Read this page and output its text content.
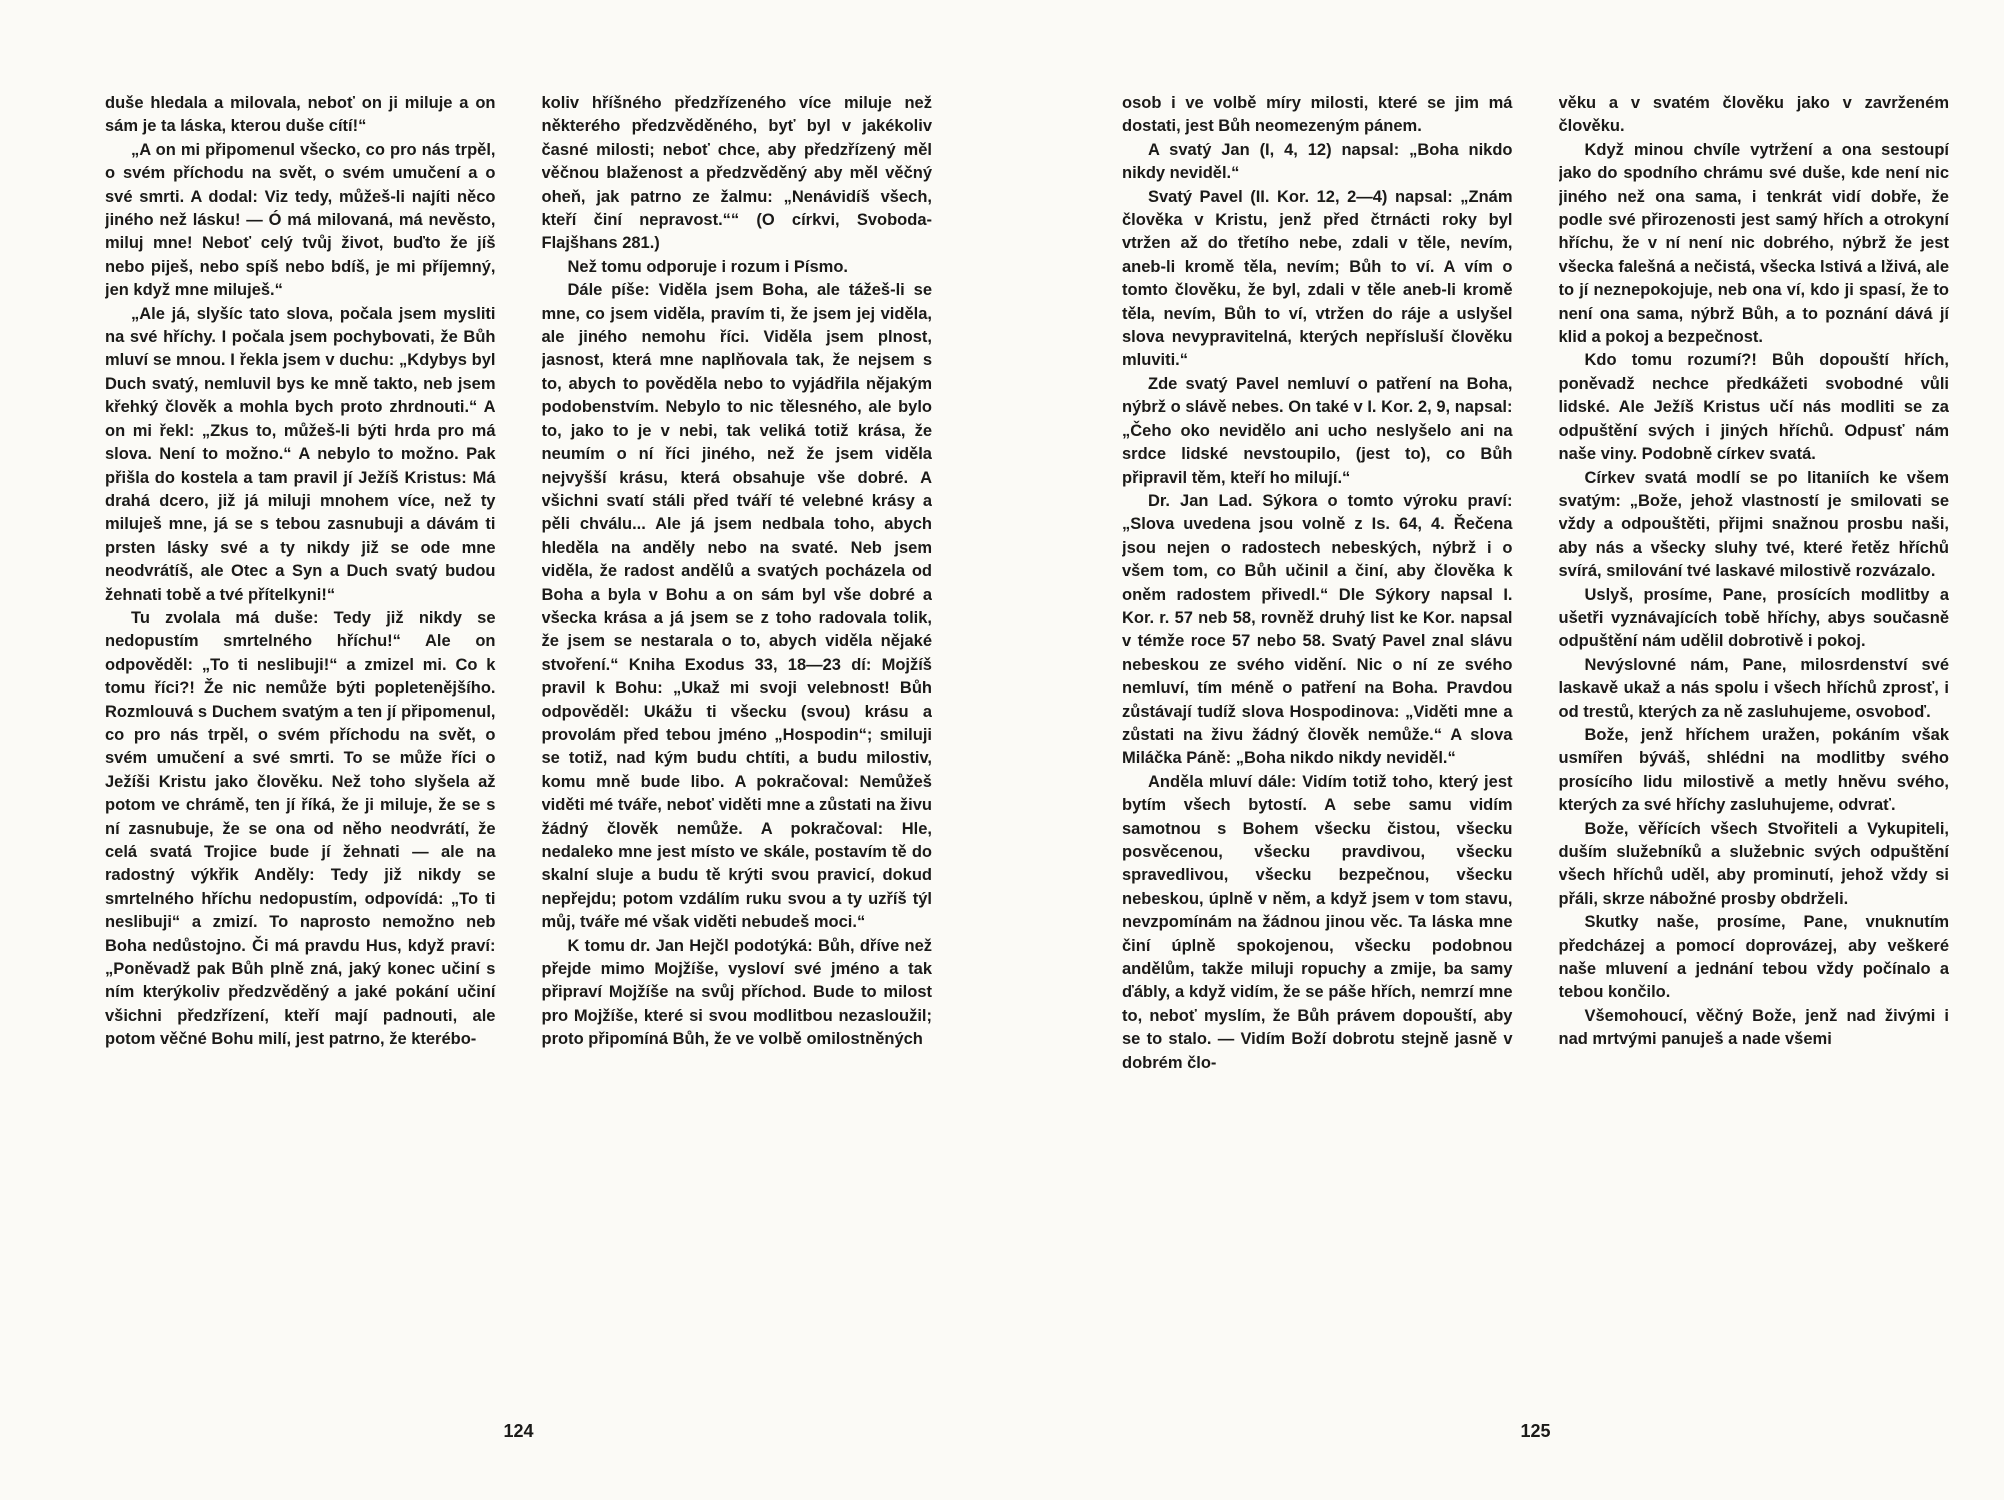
duše hledala a milovala, neboť on ji miluje a on sám je ta láska, kterou duše cítí!“

„A on mi připomenul všecko, co pro nás trpěl, o svém příchodu na svět, o svém umučení a o své smrti. A dodal: Viz tedy, můžeš-li najíti něco jiného než lásku! — Ó má milovaná, má nevěsto, miluj mne! Neboť celý tvůj život, buďto že jíš nebo piješ, nebo spíš nebo bdíš, je mi příjemný, jen když mne miluješ.“

„Ale já, slyšíc tato slova, počala jsem mysliti na své hříchy. I počala jsem pochybovati, že Bůh mluví se mnou. I řekla jsem v duchu: „Kdybys byl Duch svatý, nemluvil bys ke mně takto, neb jsem křehký člověk a mohla bych proto zhrdnouti.“ A on mi řekl: „Zkus to, můžeš-li býti hrda pro má slova. Není to možno.“ A nebylo to možno. Pak přišla do kostela a tam pravil jí Ježíš Kristus: Má drahá dcero, již já miluji mnohem více, než ty miluješ mne, já se s tebou zasnubuji a dávám ti prsten lásky své a ty nikdy již se ode mne neodvrátíš, ale Otec a Syn a Duch svatý budou žehnati tobě a tvé přítelkyni!“

Tu zvolala má duše: Tedy již nikdy se nedopustím smrtelného hříchu!“ Ale on odpověděl: „To ti neslibuji!“ a zmizel mi. Co k tomu říci?! Že nic nemůže býti popletenějšího. Rozmlouvá s Duchem svatým a ten jí připomenul, co pro nás trpěl, o svém příchodu na svět, o svém umučení a své smrti. To se může říci o Ježíši Kristu jako člověku. Než toho slyšela až potom ve chrámě, ten jí říká, že ji miluje, že se s ní zasnubuje, že se ona od něho neodvrátí, že celá svatá Trojice bude jí žehnati — ale na radostný výkřik Anděly: Tedy již nikdy se smrtelného hříchu nedopustím, odpovídá: „To ti neslibuji“ a zmizí. To naprosto nemožno neb Boha nedůstojno. Či má pravdu Hus, když praví: „Poněvadž pak Bůh plně zná, jaký konec učiní s ním kterýkoliv předzvěděný a jaké pokání učiní všichni předzřízení, kteří mají padnouti, ale potom věčné Bohu milí, jest patrno, že kterébo-

koliv hříšného předzřízeného více miluje než některého předzvěděného, byť byl v jakékoliv časné milosti; neboť chce, aby předzřízený měl věčnou blaženost a předzvěděný aby měl věčný oheň, jak patrno ze žalmu: „Nenávidíš všech, kteří činí nepravost.““ (O církvi, Svoboda-Flajšhans 281.)

Než tomu odporuje i rozum i Písmo.

Dále píše: Viděla jsem Boha, ale tážeš-li se mne, co jsem viděla, pravím ti, že jsem jej viděla, ale jiného nemohu říci. Viděla jsem plnost, jasnost, která mne naplňovala tak, že nejsem s to, abych to pověděla nebo to vyjádřila nějakým podobenstvím. Nebylo to nic tělesného, ale bylo to, jako to je v nebi, tak veliká totiž krása, že neumím o ní říci jiného, než že jsem viděla nejvyšší krásu, která obsahuje vše dobré. A všichni svatí stáli před tváří té velebné krásy a pěli chválu... Ale já jsem nedbala toho, abych hleděla na anděly nebo na svaté. Neb jsem viděla, že radost andělů a svatých pocházela od Boha a byla v Bohu a on sám byl vše dobré a všecka krása a já jsem se z toho radovala tolik, že jsem se nestarala o to, abych viděla nějaké stvoření.“ Kniha Exodus 33, 18—23 dí: Mojžíš pravil k Bohu: „Ukaž mi svoji velebnost! Bůh odpověděl: Ukážu ti všecku (svou) krásu a provolám před tebou jméno „Hospodin“; smiluji se totiž, nad kým budu chtíti, a budu milostiv, komu mně bude libo. A pokračoval: Nemůžeš viděti mé tváře, neboť viděti mne a zůstati na živu žádný člověk nemůže. A pokračoval: Hle, nedaleko mne jest místo ve skále, postavím tě do skalní sluje a budu tě krýti svou pravicí, dokud nepřejdu; potom vzdálím ruku svou a ty uzříš týl můj, tváře mé však viděti nebudeš moci.“

K tomu dr. Jan Hejčl podotýká: Bůh, dříve než přejde mimo Mojžíše, vysloví své jméno a tak připraví Mojžíše na svůj příchod. Bude to milost pro Mojžíše, které si svou modlitbou nezasloužil; proto připomíná Bůh, že ve volbě omilostněných

124

osob i ve volbě míry milosti, které se jim má dostati, jest Bůh neomezeným pánem.

A svatý Jan (I, 4, 12) napsal: „Boha nikdo nikdy neviděl.“

Svatý Pavel (II. Kor. 12, 2—4) napsal: „Znám člověka v Kristu, jenž před čtrnácti roky byl vtržen až do třetího nebe, zdali v těle, nevím, aneb-li kromě těla, nevím; Bůh to ví. A vím o tomto člověku, že byl, zdali v těle aneb-li kromě těla, nevím, Bůh to ví, vtržen do ráje a uslyšel slova nevypravitelná, kterých nepřísluší člověku mluviti.“

Zde svatý Pavel nemluví o patření na Boha, nýbrž o slávě nebes. On také v I. Kor. 2, 9, napsal: „Čeho oko nevidělo ani ucho neslyšelo ani na srdce lidské nevstoupilo, (jest to), co Bůh připravil těm, kteří ho milují.“

Dr. Jan Lad. Sýkora o tomto výroku praví: „Slova uvedena jsou volně z Is. 64, 4. Řečena jsou nejen o radostech nebeských, nýbrž i o všem tom, co Bůh učinil a činí, aby člověka k oněm radostem přivedl.“ Dle Sýkory napsal I. Kor. r. 57 neb 58, rovněž druhý list ke Kor. napsal v témže roce 57 nebo 58. Svatý Pavel znal slávu nebeskou ze svého vidění. Nic o ní ze svého nemluví, tím méně o patření na Boha. Pravdou zůstávají tudíž slova Hospodinova: „Viděti mne a zůstati na živu žádný člověk nemůže.“ A slova Miláčka Páně: „Boha nikdo nikdy neviděl.“

Anděla mluví dále: Vidím totiž toho, který jest bytím všech bytostí. A sebe samu vidím samotnou s Bohem všecku čistou, všecku posvěcenou, všecku pravdivou, všecku spravedlivou, všecku bezpečnou, všecku nebeskou, úplně v něm, a když jsem v tom stavu, nevzpomínám na žádnou jinou věc. Ta láska mne činí úplně spokojenou, všecku podobnou andělům, takže miluji ropuchy a zmije, ba samy ďábly, a když vidím, že se páše hřích, nemrzí mne to, neboť myslím, že Bůh právem dopouští, aby se to stalo. — Vidím Boží dobrotu stejně jasně v dobrém člo-

věku a v svatém člověku jako v zavrženém člověku.

Když minou chvíle vytržení a ona sestoupí jako do spodního chrámu své duše, kde není nic jiného než ona sama, i tenkrát vidí dobře, že podle své přirozenosti jest samý hřích a otrokyní hříchu, že v ní není nic dobrého, nýbrž že jest všecka falešná a nečistá, všecka lstivá a lživá, ale to jí neznepokojuje, neb ona ví, kdo ji spasí, že to není ona sama, nýbrž Bůh, a to poznání dává jí klid a pokoj a bezpečnost.

Kdo tomu rozumí?! Bůh dopouští hřích, poněvadž nechce předkážeti svobodné vůli lidské. Ale Ježíš Kristus učí nás modliti se za odpuštění svých i jiných hříchů. Odpusť nám naše viny. Podobně církev svatá.

Církev svatá modlí se po litaniích ke všem svatým: „Bože, jehož vlastností je smilovati se vždy a odpouštěti, přijmi snažnou prosbu naši, aby nás a všecky sluhy tvé, které řetěz hříchů svírá, smilování tvé laskavé milostivě rozvázalo.

Uslyš, prosíme, Pane, prosících modlitby a ušetři vyznávajících tobě hříchy, abys současně odpuštění nám udělil dobrotivě i pokoj.

Nevýslovné nám, Pane, milosrdenství své laskavě ukaž a nás spolu i všech hříchů zprosť, i od trestů, kterých za ně zasluhujeme, osvoboď.

Bože, jenž hříchem uražen, pokáním však usmířen býváš, shlédni na modlitby svého prosícího lidu milostivě a metly hněvu svého, kterých za své hříchy zasluhujeme, odvrať.

Bože, věřících všech Stvořiteli a Vykupiteli, duším služebníků a služebnic svých odpuštění všech hříchů uděl, aby prominutí, jehož vždy si přáli, skrze nábožné prosby obdrželi.

Skutky naše, prosíme, Pane, vnuknutím předcházej a pomocí doprovázej, aby veškeré naše mluvení a jednání tebou vždy počínalo a tebou končilo.

Všemohoucí, věčný Bože, jenž nad živými i nad mrtvými panuješ a nade všemi

125
